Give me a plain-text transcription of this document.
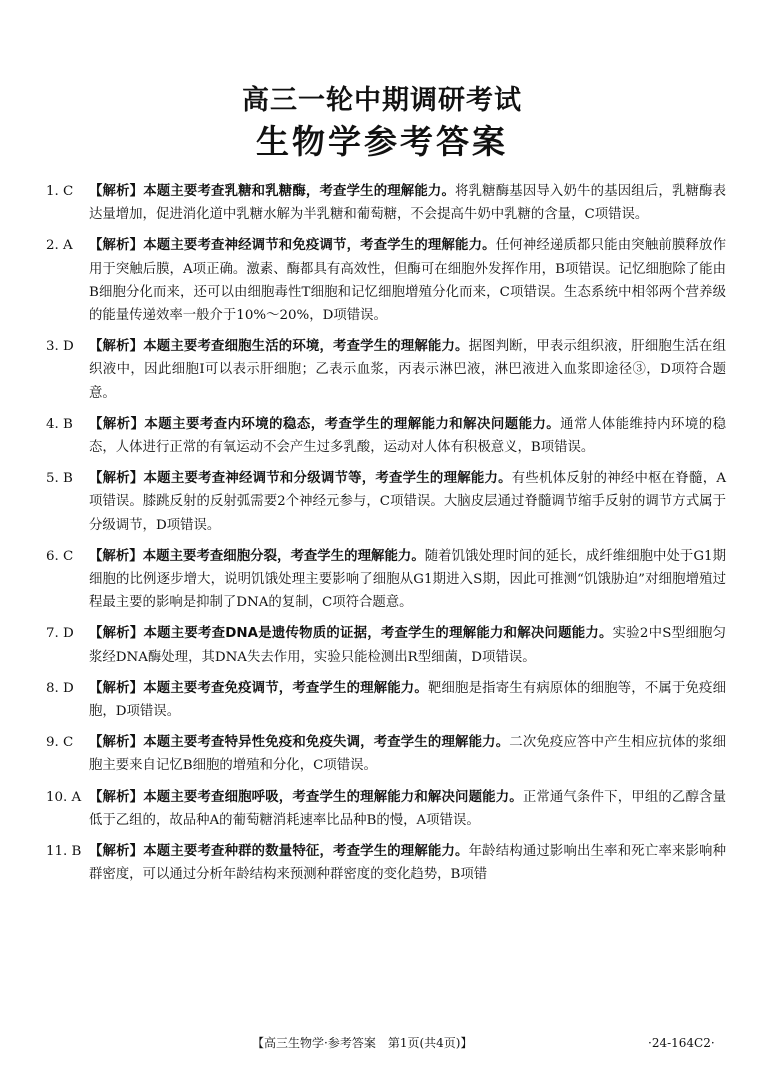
高三一轮中期调研考试
生物学参考答案
1. C 【解析】本题主要考查乳糖和乳糖酶，考查学生的理解能力。将乳糖酶基因导入奶牛的基因组后，乳糖酶表达量增加，促进消化道中乳糖水解为半乳糖和葡萄糖，不会提高牛奶中乳糖的含量，C项错误。
2. A 【解析】本题主要考查神经调节和免疫调节，考查学生的理解能力。任何神经递质都只能由突触前膜释放作用于突触后膜，A项正确。激素、酶都具有高效性，但酶可在细胞外发挥作用，B项错误。记忆细胞除了能由B细胞分化而来，还可以由细胞毒性T细胞和记忆细胞增殖分化而来，C项错误。生态系统中相邻两个营养级的能量传递效率一般介于10%～20%，D项错误。
3. D 【解析】本题主要考查细胞生活的环境，考查学生的理解能力。据图判断，甲表示组织液，肝细胞生活在组织液中，因此细胞Ⅰ可以表示肝细胞；乙表示血浆，丙表示淋巴液，淋巴液进入血浆即途径③，D项符合题意。
4. B 【解析】本题主要考查内环境的稳态，考查学生的理解能力和解决问题能力。通常人体能维持内环境的稳态，人体进行正常的有氧运动不会产生过多乳酸，运动对人体有积极意义，B项错误。
5. B 【解析】本题主要考查神经调节和分级调节等，考查学生的理解能力。有些机体反射的神经中枢在脊髓，A项错误。膝跳反射的反射弧需要2个神经元参与，C项错误。大脑皮层通过脊髓调节缩手反射的调节方式属于分级调节，D项错误。
6. C 【解析】本题主要考查细胞分裂，考查学生的理解能力。随着饥饿处理时间的延长，成纤维细胞中处于G1期细胞的比例逐步增大，说明饥饿处理主要影响了细胞从G1期进入S期，因此可推测“饥饿胁迫”对细胞增殖过程最主要的影响是抑制了DNA的复制，C项符合题意。
7. D 【解析】本题主要考查DNA是遗传物质的证据，考查学生的理解能力和解决问题能力。实验2中S型细胞匀浆经DNA酶处理，其DNA失去作用，实验只能检测出R型细菌，D项错误。
8. D 【解析】本题主要考查免疫调节，考查学生的理解能力。靶细胞是指寄生有病原体的细胞等，不属于免疫细胞，D项错误。
9. C 【解析】本题主要考查特异性免疫和免疫失调，考查学生的理解能力。二次免疫应答中产生相应抗体的浆细胞主要来自记忆B细胞的增殖和分化，C项错误。
10. A 【解析】本题主要考查细胞呼吸，考查学生的理解能力和解决问题能力。正常通气条件下，甲组的乙醇含量低于乙组的，故品种A的葡萄糖消耗速率比品种B的慢，A项错误。
11. B 【解析】本题主要考查种群的数量特征，考查学生的理解能力。年龄结构通过影响出生率和死亡率来影响种群密度，可以通过分析年龄结构来预测种群密度的变化趋势，B项错
【高三生物学·参考答案　第1页(共4页)】	·24-164C2·
